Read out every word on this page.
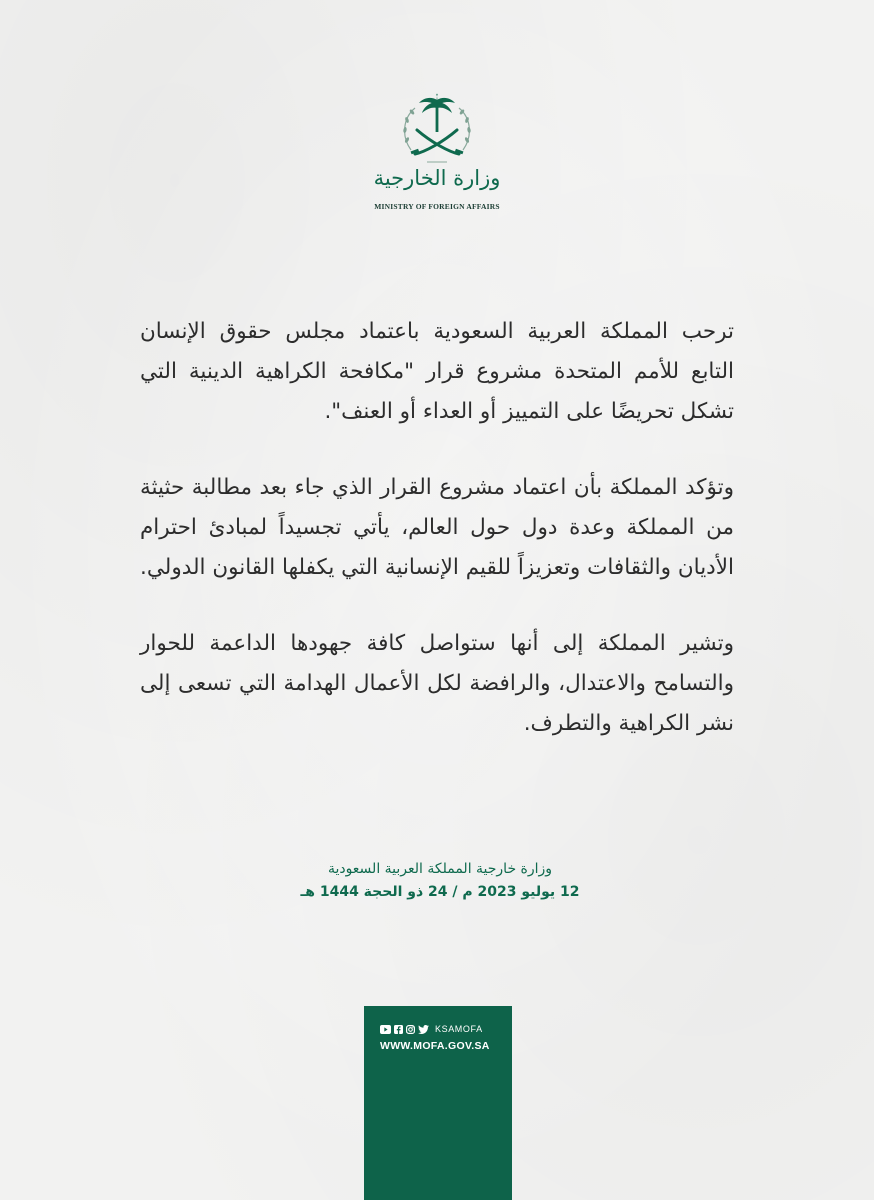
وزارة الخارجية
MINISTRY OF FOREIGN AFFAIRS

ترحب المملكة العربية السعودية باعتماد مجلس حقوق الإنسان التابع للأمم المتحدة مشروع قرار "مكافحة الكراهية الدينية التي تشكل تحريضًا على التمييز أو العداء أو العنف".

وتؤكد المملكة بأن اعتماد مشروع القرار الذي جاء بعد مطالبة حثيثة من المملكة وعدة دول حول العالم، يأتي تجسيداً لمبادئ احترام الأديان والثقافات وتعزيزاً للقيم الإنسانية التي يكفلها القانون الدولي.

وتشير المملكة إلى أنها ستواصل كافة جهودها الداعمة للحوار والتسامح والاعتدال، والرافضة لكل الأعمال الهدامة التي تسعى إلى نشر الكراهية والتطرف.

وزارة خارجية المملكة العربية السعودية
12 يوليو 2023 م / 24 ذو الحجة 1444 هـ
KSAMOFA
WWW.MOFA.GOV.SA
